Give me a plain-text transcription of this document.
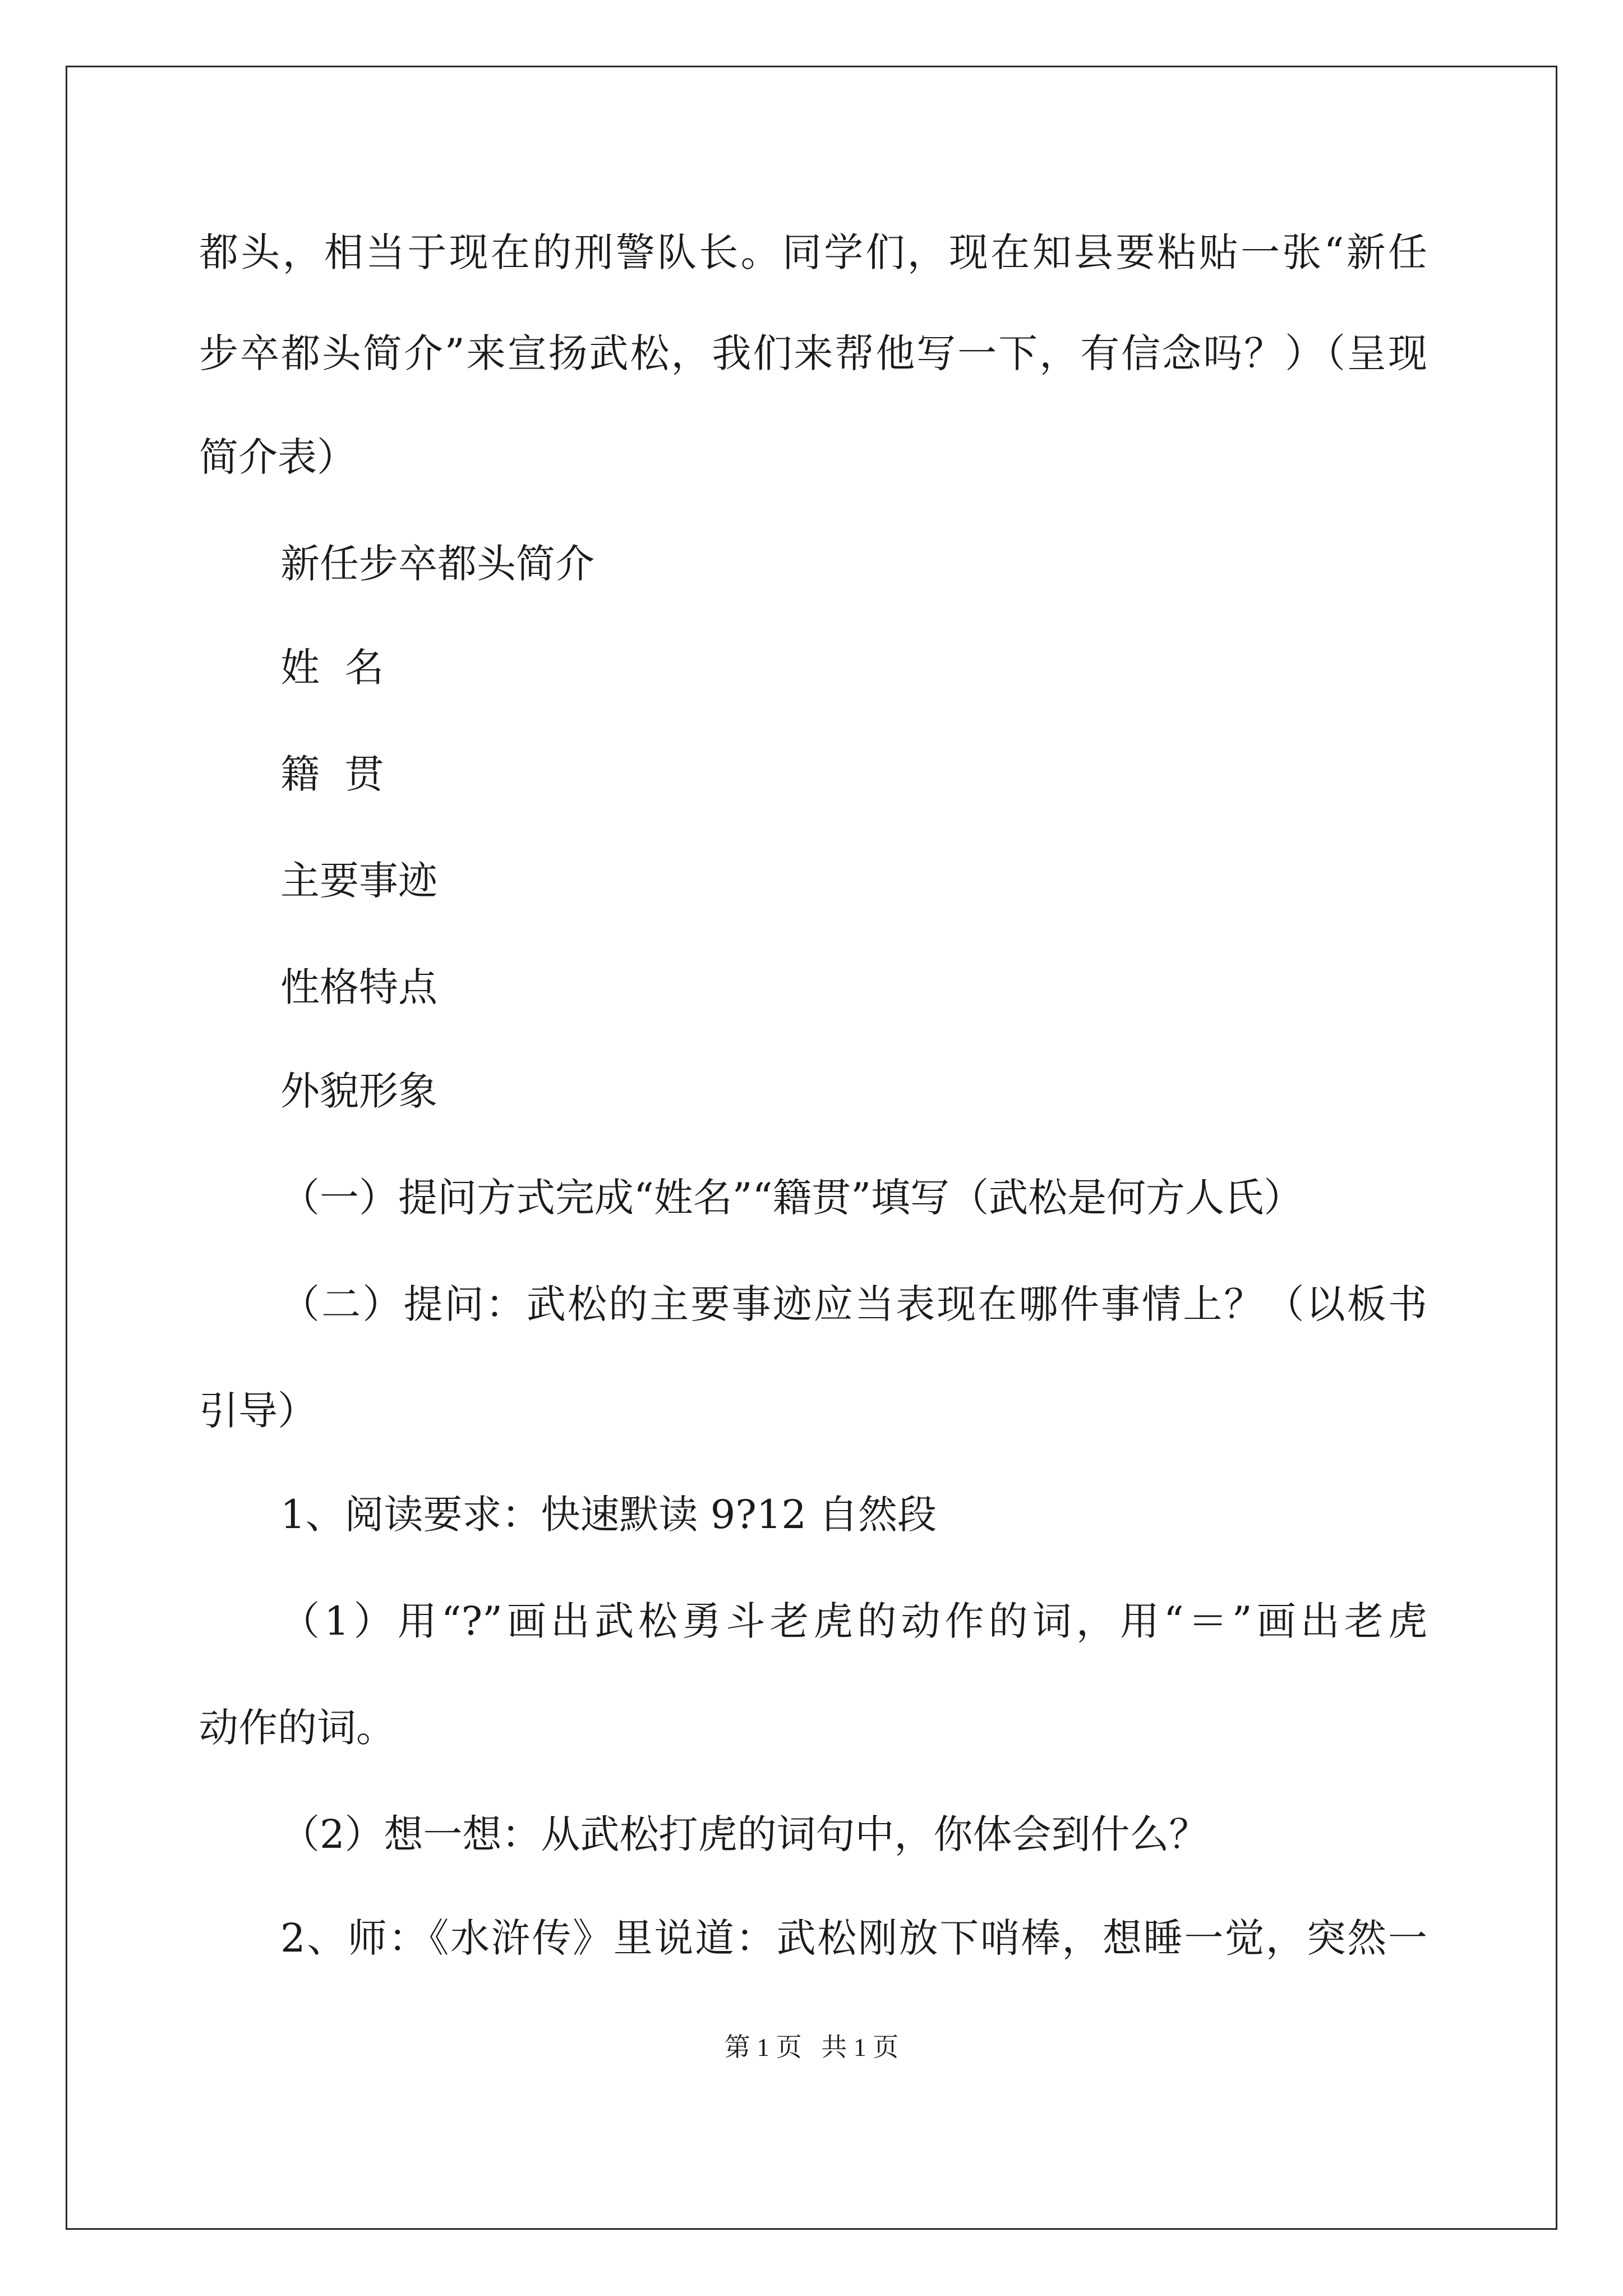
都头，相当于现在的刑警队长。同学们，现在知县要粘贴一张“新任
步卒都头简介”来宣扬武松，我们来帮他写一下，有信念吗？）（呈现
简介表）
新任步卒都头简介
姓  名
籍  贯
主要事迹
性格特点
外貌形象
（一）提问方式完成“姓名”“籍贯”填写（武松是何方人氏）
（二）提问：武松的主要事迹应当表现在哪件事情上？（以板书
引导）
1、阅读要求：快速默读 9?12 自然段
（1）用“?”画出武松勇斗老虎的动作的词，用“＝”画出老虎
动作的词。
（2）想一想：从武松打虎的词句中，你体会到什么？
2、师：《水浒传》里说道：武松刚放下哨棒，想睡一觉，突然一
第 1 页 共 1 页
